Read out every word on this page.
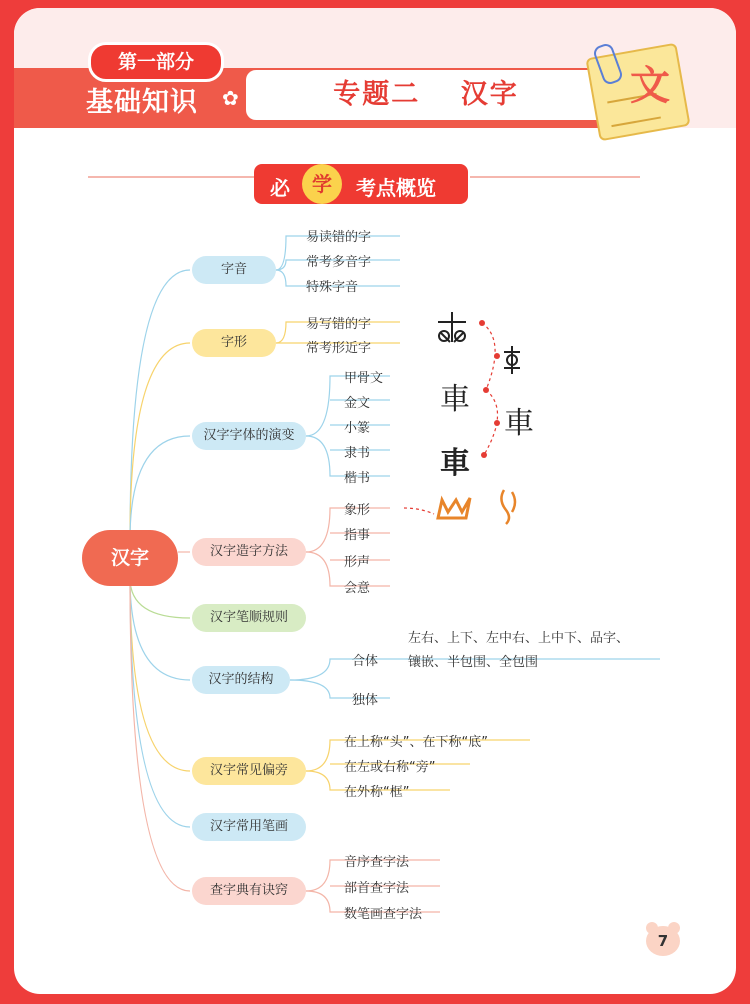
第一部分
基础知识 ✿	专题二　 汉字	文
必	学	考点概览
汉字
字音
字形
汉字字体的演变
汉字造字方法
汉字笔顺规则
汉字的结构
汉字常见偏旁
汉字常用笔画
查字典有诀窍
易读错的字
常考多音字
特殊字音
易写错的字
常考形近字
甲骨文
金文
小篆
隶书
楷书
象形
指事
形声
会意
合体
独体
左右、上下、左中右、上中下、品字、
镶嵌、半包围、全包围
在上称“头”、在下称“底”
在左或右称“旁”
在外称“框”
音序查字法
部首查字法
数笔画查字法
車
車
車
7
